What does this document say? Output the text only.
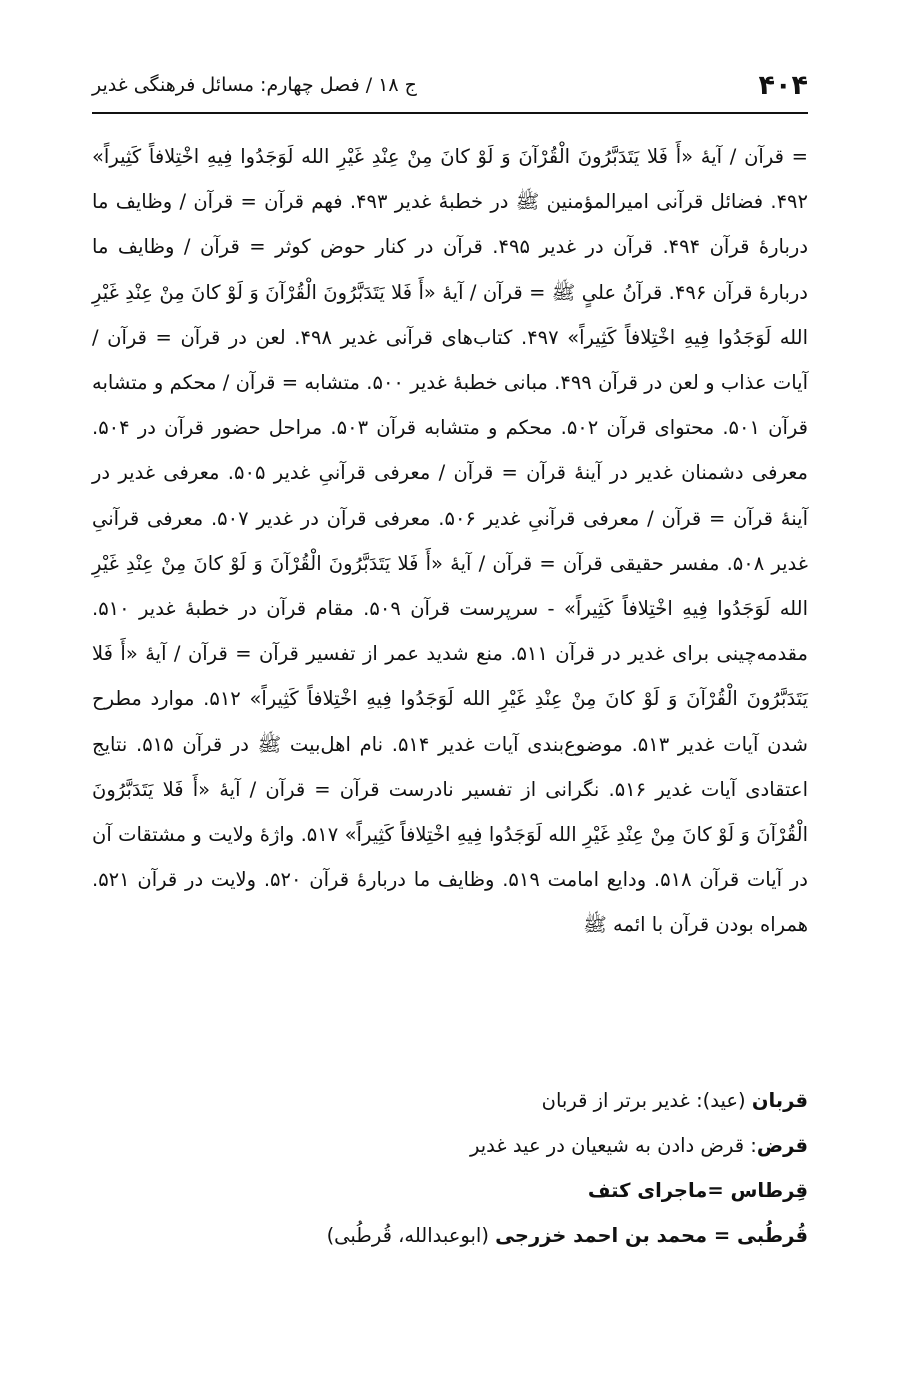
۴۰۴
ج ۱۸ / فصل چهارم: مسائل فرهنگی غدیر

= قرآن / آیهٔ «أَ فَلا یَتَدَبَّرُونَ الْقُرْآنَ وَ لَوْ کانَ مِنْ عِنْدِ غَیْرِ الله لَوَجَدُوا فِیهِ اخْتِلافاً کَثِیراً» ۴۹۲. فضائل قرآنی امیرالمؤمنین ﷺ در خطبهٔ غدیر ۴۹۳. فهم قرآن = قرآن / وظایف ما دربارهٔ قرآن ۴۹۴. قرآن در غدیر ۴۹۵. قرآن در کنار حوض کوثر = قرآن / وظایف ما دربارهٔ قرآن ۴۹۶. قرآنُ علیٍ ﷺ = قرآن / آیهٔ «أَ فَلا یَتَدَبَّرُونَ الْقُرْآنَ وَ لَوْ کانَ مِنْ عِنْدِ غَیْرِ الله لَوَجَدُوا فِیهِ اخْتِلافاً کَثِیراً» ۴۹۷. کتاب‌های قرآنی غدیر ۴۹۸. لعن در قرآن = قرآن / آیات عذاب و لعن در قرآن ۴۹۹. مبانی خطبهٔ غدیر ۵۰۰. متشابه = قرآن / محکم و متشابه قرآن ۵۰۱. محتوای قرآن ۵۰۲. محکم و متشابه قرآن ۵۰۳. مراحل حضور قرآن در ۵۰۴. معرفی دشمنان غدیر در آینهٔ قرآن = قرآن / معرفی قرآنیِ غدیر ۵۰۵. معرفی غدیر در آینهٔ قرآن = قرآن / معرفی قرآنیِ غدیر ۵۰۶. معرفی قرآن در غدیر ۵۰۷. معرفی قرآنیِ غدیر ۵۰۸. مفسر حقیقی قرآن = قرآن / آیهٔ «أَ فَلا یَتَدَبَّرُونَ الْقُرْآنَ وَ لَوْ کانَ مِنْ عِنْدِ غَیْرِ الله لَوَجَدُوا فِیهِ اخْتِلافاً کَثِیراً» - سرپرست قرآن ۵۰۹. مقام قرآن در خطبهٔ غدیر ۵۱۰. مقدمه‌چینی برای غدیر در قرآن ۵۱۱. منع شدید عمر از تفسیر قرآن = قرآن / آیهٔ «أَ فَلا یَتَدَبَّرُونَ الْقُرْآنَ وَ لَوْ کانَ مِنْ عِنْدِ غَیْرِ الله لَوَجَدُوا فِیهِ اخْتِلافاً کَثِیراً» ۵۱۲. موارد مطرح شدن آیات غدیر ۵۱۳. موضوع‌بندی آیات غدیر ۵۱۴. نام اهل‌بیت ﷺ در قرآن ۵۱۵. نتایج اعتقادی آیات غدیر ۵۱۶. نگرانی از تفسیر نادرست قرآن = قرآن / آیهٔ «أَ فَلا یَتَدَبَّرُونَ الْقُرْآنَ وَ لَوْ کانَ مِنْ عِنْدِ غَیْرِ الله لَوَجَدُوا فِیهِ اخْتِلافاً کَثِیراً» ۵۱۷. واژهٔ ولایت و مشتقات آن در آیات قرآن ۵۱۸. ودایع امامت ۵۱۹. وظایف ما دربارهٔ قرآن ۵۲۰. ولایت در قرآن ۵۲۱. همراه بودن قرآن با ائمه ﷺ

قربان (عید): غدیر برتر از قربان

قرض: قرض دادن به شیعیان در عید غدیر

قِرطاس =ماجرای کتف

قُرطُبی = محمد بن احمد خزرجی (ابوعبدالله، قُرطُبی)
